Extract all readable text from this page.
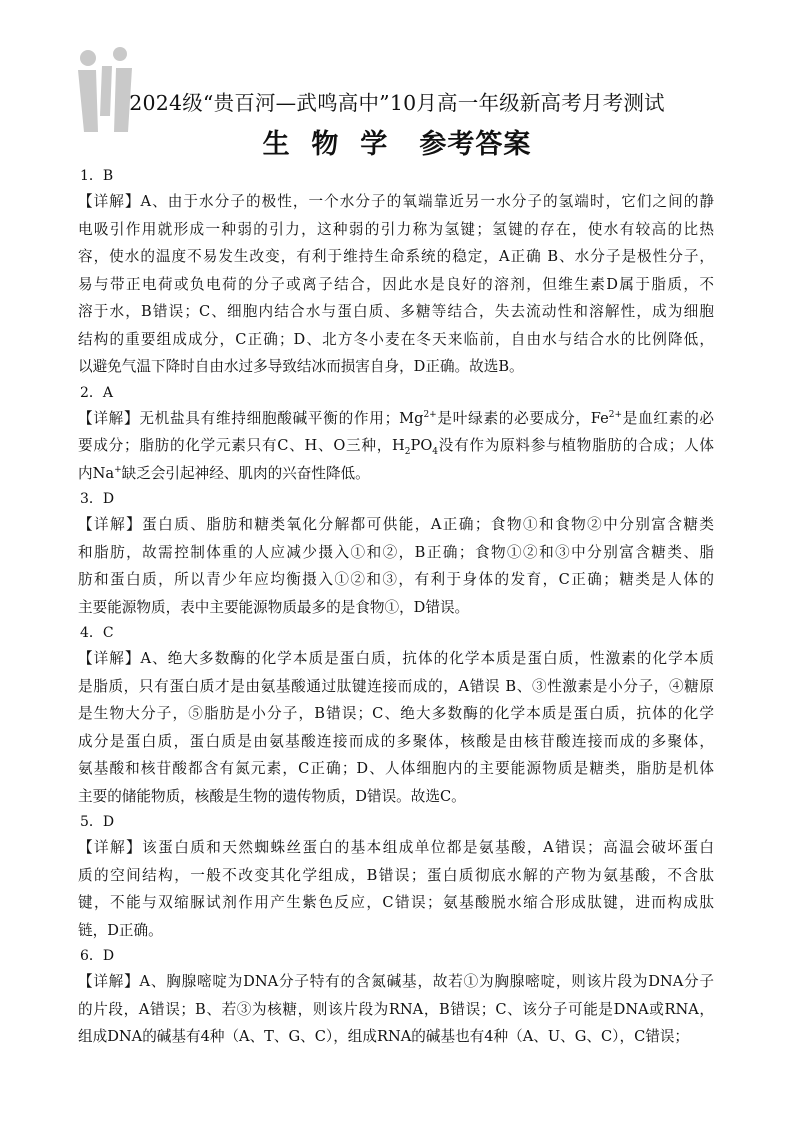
2024级“贵百河—武鸣高中”10月高一年级新高考月考测试
生  物  学   参考答案
1．B
【详解】A、由于水分子的极性，一个水分子的氧端靠近另一水分子的氢端时，它们之间的静
电吸引作用就形成一种弱的引力，这种弱的引力称为氢键；氢键的存在，使水有较高的比热
容，使水的温度不易发生改变，有利于维持生命系统的稳定，A正确 B、水分子是极性分子，
易与带正电荷或负电荷的分子或离子结合，因此水是良好的溶剂，但维生素D属于脂质，不
溶于水，B错误；C、细胞内结合水与蛋白质、多糖等结合，失去流动性和溶解性，成为细胞
结构的重要组成成分，C正确；D、北方冬小麦在冬天来临前，自由水与结合水的比例降低，
以避免气温下降时自由水过多导致结冰而损害自身，D正确。故选B。
2．A
【详解】无机盐具有维持细胞酸碱平衡的作用；$Mg^{2+}$是叶绿素的必要成分，$Fe^{2+}$是血红素的必
要成分；脂肪的化学元素只有C、H、O三种，$H_2PO_4$没有作为原料参与植物脂肪的合成；人体
内Na+缺乏会引起神经、肌肉的兴奋性降低。
3．D
【详解】蛋白质、脂肪和糖类氧化分解都可供能，A正确；食物①和食物②中分别富含糖类
和脂肪，故需控制体重的人应减少摄入①和②，B正确；食物①②和③中分别富含糖类、脂
肪和蛋白质，所以青少年应均衡摄入①②和③，有利于身体的发育，C正确；糖类是人体的
主要能源物质，表中主要能源物质最多的是食物①，D错误。
4．C
【详解】A、绝大多数酶的化学本质是蛋白质，抗体的化学本质是蛋白质，性激素的化学本质
是脂质，只有蛋白质才是由氨基酸通过肽键连接而成的，A错误 B、③性激素是小分子，④糖原
是生物大分子，⑤脂肪是小分子，B错误；C、绝大多数酶的化学本质是蛋白质，抗体的化学
成分是蛋白质，蛋白质是由氨基酸连接而成的多聚体，核酸是由核苷酸连接而成的多聚体，
氨基酸和核苷酸都含有氮元素，C正确；D、人体细胞内的主要能源物质是糖类，脂肪是机体
主要的储能物质，核酸是生物的遗传物质，D错误。故选C。
5．D
【详解】该蛋白质和天然蜘蛛丝蛋白的基本组成单位都是氨基酸，A错误；高温会破坏蛋白
质的空间结构，一般不改变其化学组成，B错误；蛋白质彻底水解的产物为氨基酸，不含肽
键，不能与双缩脲试剂作用产生紫色反应，C错误；氨基酸脱水缩合形成肽键，进而构成肽
链，D正确。
6．D
【详解】A、胸腺嘧啶为DNA分子特有的含氮碱基，故若①为胸腺嘧啶，则该片段为DNA分子
的片段，A错误；B、若③为核糖，则该片段为RNA，B错误；C、该分子可能是DNA或RNA，
组成DNA的碱基有4种（A、T、G、C），组成RNA的碱基也有4种（A、U、G、C），C错误；
